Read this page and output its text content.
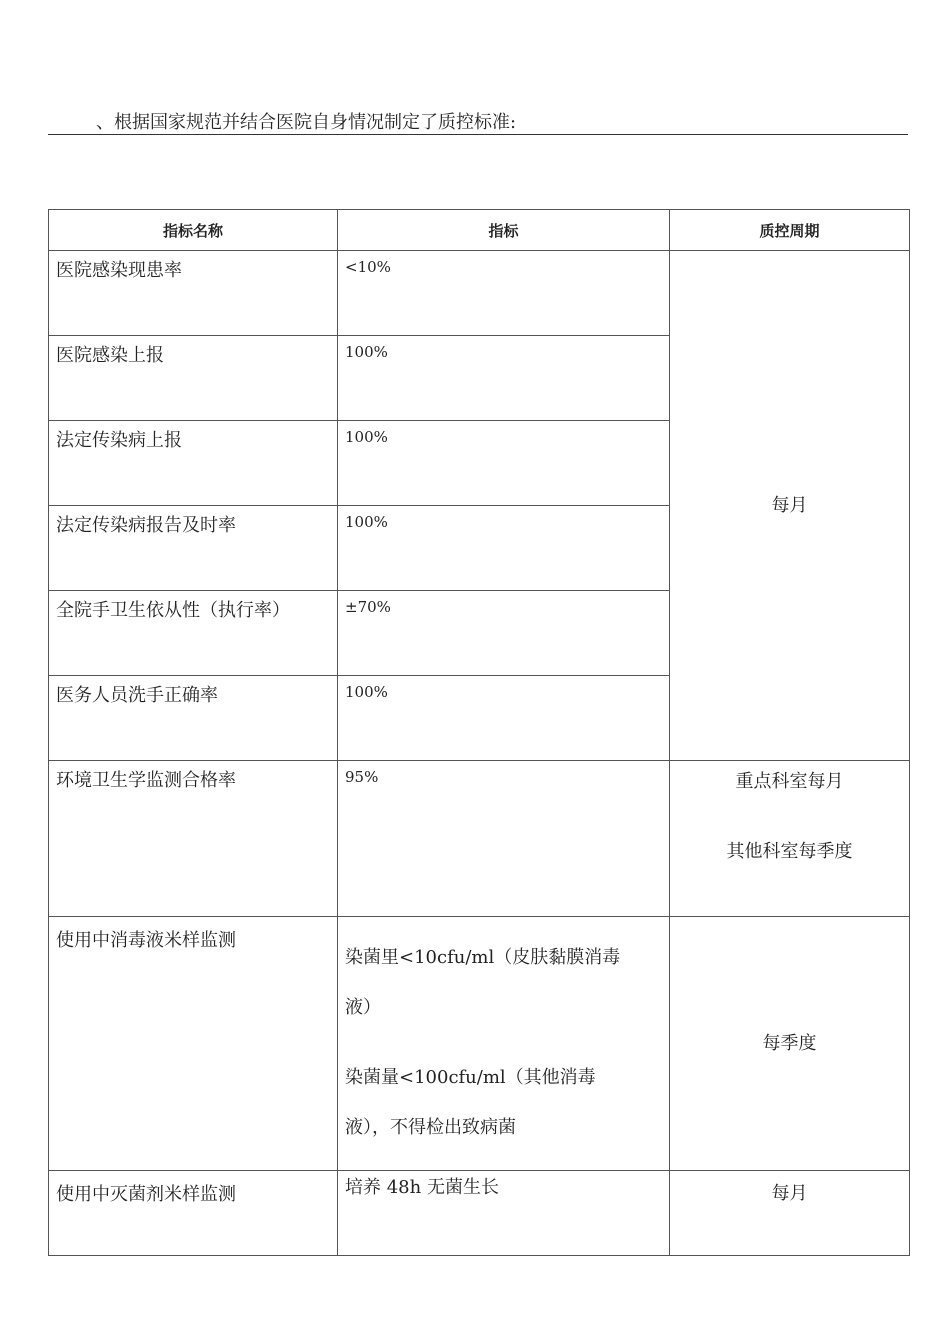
、根据国家规范并结合医院自身情况制定了质控标准:
指标名称	指标	质控周期
医院感染现患率	<10%	每月
医院感染上报	100%	
法定传染病上报	100%	
法定传染病报告及时率	100%	
全院手卫生依从性（执行率）	±70%	
医务人员洗手正确率	100%	
环境卫生学监测合格率	95%	重点科室每月
其他科室每季度

使用中消毒液米样监测	染菌里<10cfu/ml（皮肤黏膜消毒
液）
染菌量<100cfu/ml（其他消毒
液），不得检出致病菌	每季度
使用中灭菌剂米样监测	培养 48h 无菌生长	每月
